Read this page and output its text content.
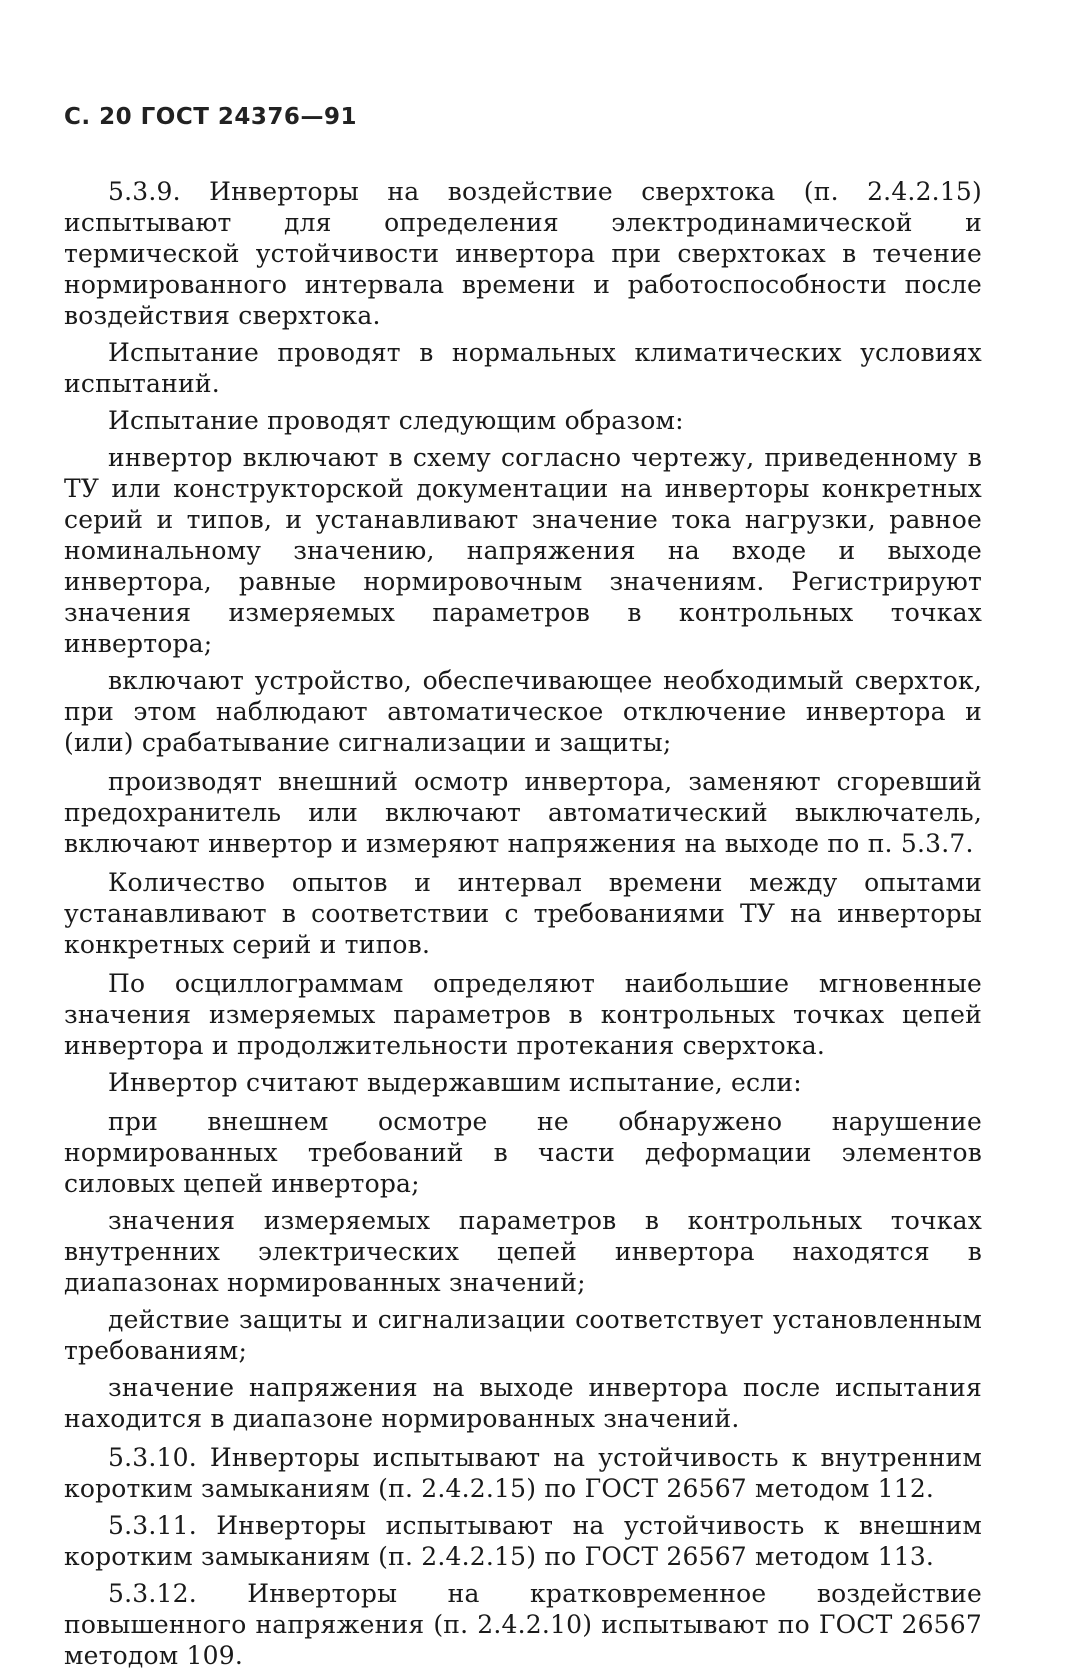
С. 20 ГОСТ 24376—91

5.3.9. Инверторы на воздействие сверхтока (п. 2.4.2.15) испытывают для определения электродинамической и термической устойчивости инвертора при сверхтоках в течение нормированного интервала времени и работоспособности после воздействия сверхтока.

Испытание проводят в нормальных климатических условиях испытаний.

Испытание проводят следующим образом:

инвертор включают в схему согласно чертежу, приведенному в ТУ или конструкторской документации на инверторы конкретных серий и типов, и устанавливают значение тока нагрузки, равное номинальному значению, напряжения на входе и выходе инвертора, равные нормировочным значениям. Регистрируют значения измеряемых параметров в контрольных точках инвертора;

включают устройство, обеспечивающее необходимый сверхток, при этом наблюдают автоматическое отключение инвертора и (или) срабатывание сигнализации и защиты;

производят внешний осмотр инвертора, заменяют сгоревший предохранитель или включают автоматический выключатель, включают инвертор и измеряют напряжения на выходе по п. 5.3.7.

Количество опытов и интервал времени между опытами устанавливают в соответствии с требованиями ТУ на инверторы конкретных серий и типов.

По осциллограммам определяют наибольшие мгновенные значения измеряемых параметров в контрольных точках цепей инвертора и продолжительности протекания сверхтока.

Инвертор считают выдержавшим испытание, если:

при внешнем осмотре не обнаружено нарушение нормированных требований в части деформации элементов силовых цепей инвертора;

значения измеряемых параметров в контрольных точках внутренних электрических цепей инвертора находятся в диапазонах нормированных значений;

действие защиты и сигнализации соответствует установленным требованиям;

значение напряжения на выходе инвертора после испытания находится в диапазоне нормированных значений.

5.3.10. Инверторы испытывают на устойчивость к внутренним коротким замыканиям (п. 2.4.2.15) по ГОСТ 26567 методом 112.

5.3.11. Инверторы испытывают на устойчивость к внешним коротким замыканиям (п. 2.4.2.15) по ГОСТ 26567 методом 113.

5.3.12. Инверторы на кратковременное воздействие повышенного напряжения (п. 2.4.2.10) испытывают по ГОСТ 26567 методом 109.
